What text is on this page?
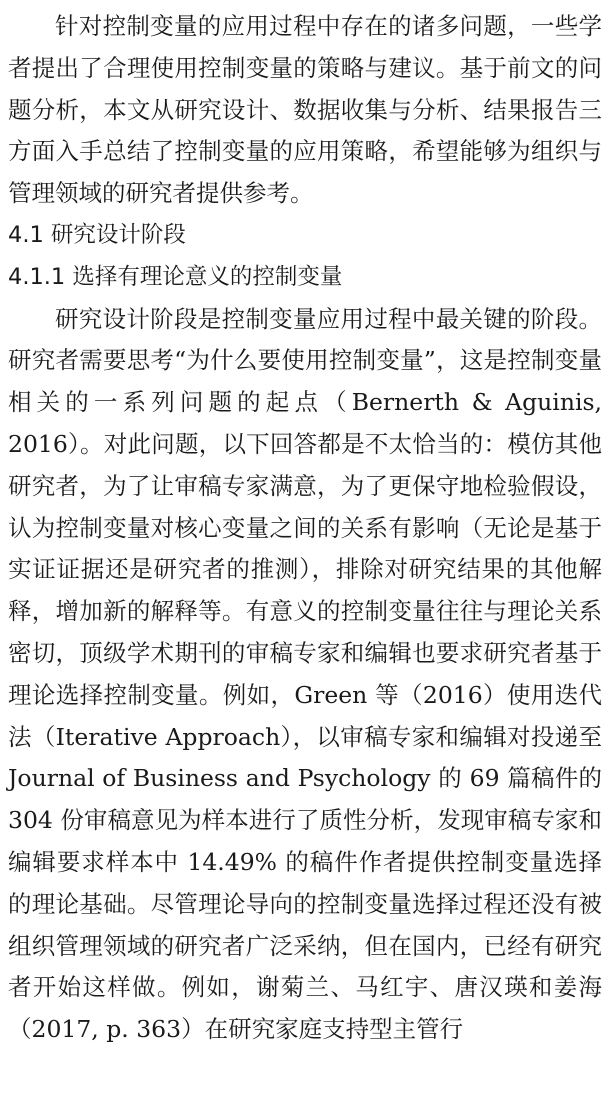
针对控制变量的应用过程中存在的诸多问题，一些学者提出了合理使用控制变量的策略与建议。基于前文的问题分析，本文从研究设计、数据收集与分析、结果报告三方面入手总结了控制变量的应用策略，希望能够为组织与管理领域的研究者提供参考。

4.1 研究设计阶段
4.1.1 选择有理论意义的控制变量

研究设计阶段是控制变量应用过程中最关键的阶段。研究者需要思考“为什么要使用控制变量”，这是控制变量相关的一系列问题的起点（Bernerth & Aguinis, 2016）。对此问题，以下回答都是不太恰当的：模仿其他研究者，为了让审稿专家满意，为了更保守地检验假设，认为控制变量对核心变量之间的关系有影响（无论是基于实证证据还是研究者的推测），排除对研究结果的其他解释，增加新的解释等。有意义的控制变量往往与理论关系密切，顶级学术期刊的审稿专家和编辑也要求研究者基于理论选择控制变量。例如，Green 等（2016）使用迭代法（Iterative Approach），以审稿专家和编辑对投递至 Journal of Business and Psychology 的 69 篇稿件的 304 份审稿意见为样本进行了质性分析，发现审稿专家和编辑要求样本中 14.49% 的稿件作者提供控制变量选择的理论基础。尽管理论导向的控制变量选择过程还没有被组织管理领域的研究者广泛采纳，但在国内，已经有研究者开始这样做。例如，谢菊兰、马红宇、唐汉瑛和姜海（2017, p. 363）在研究家庭支持型主管行
